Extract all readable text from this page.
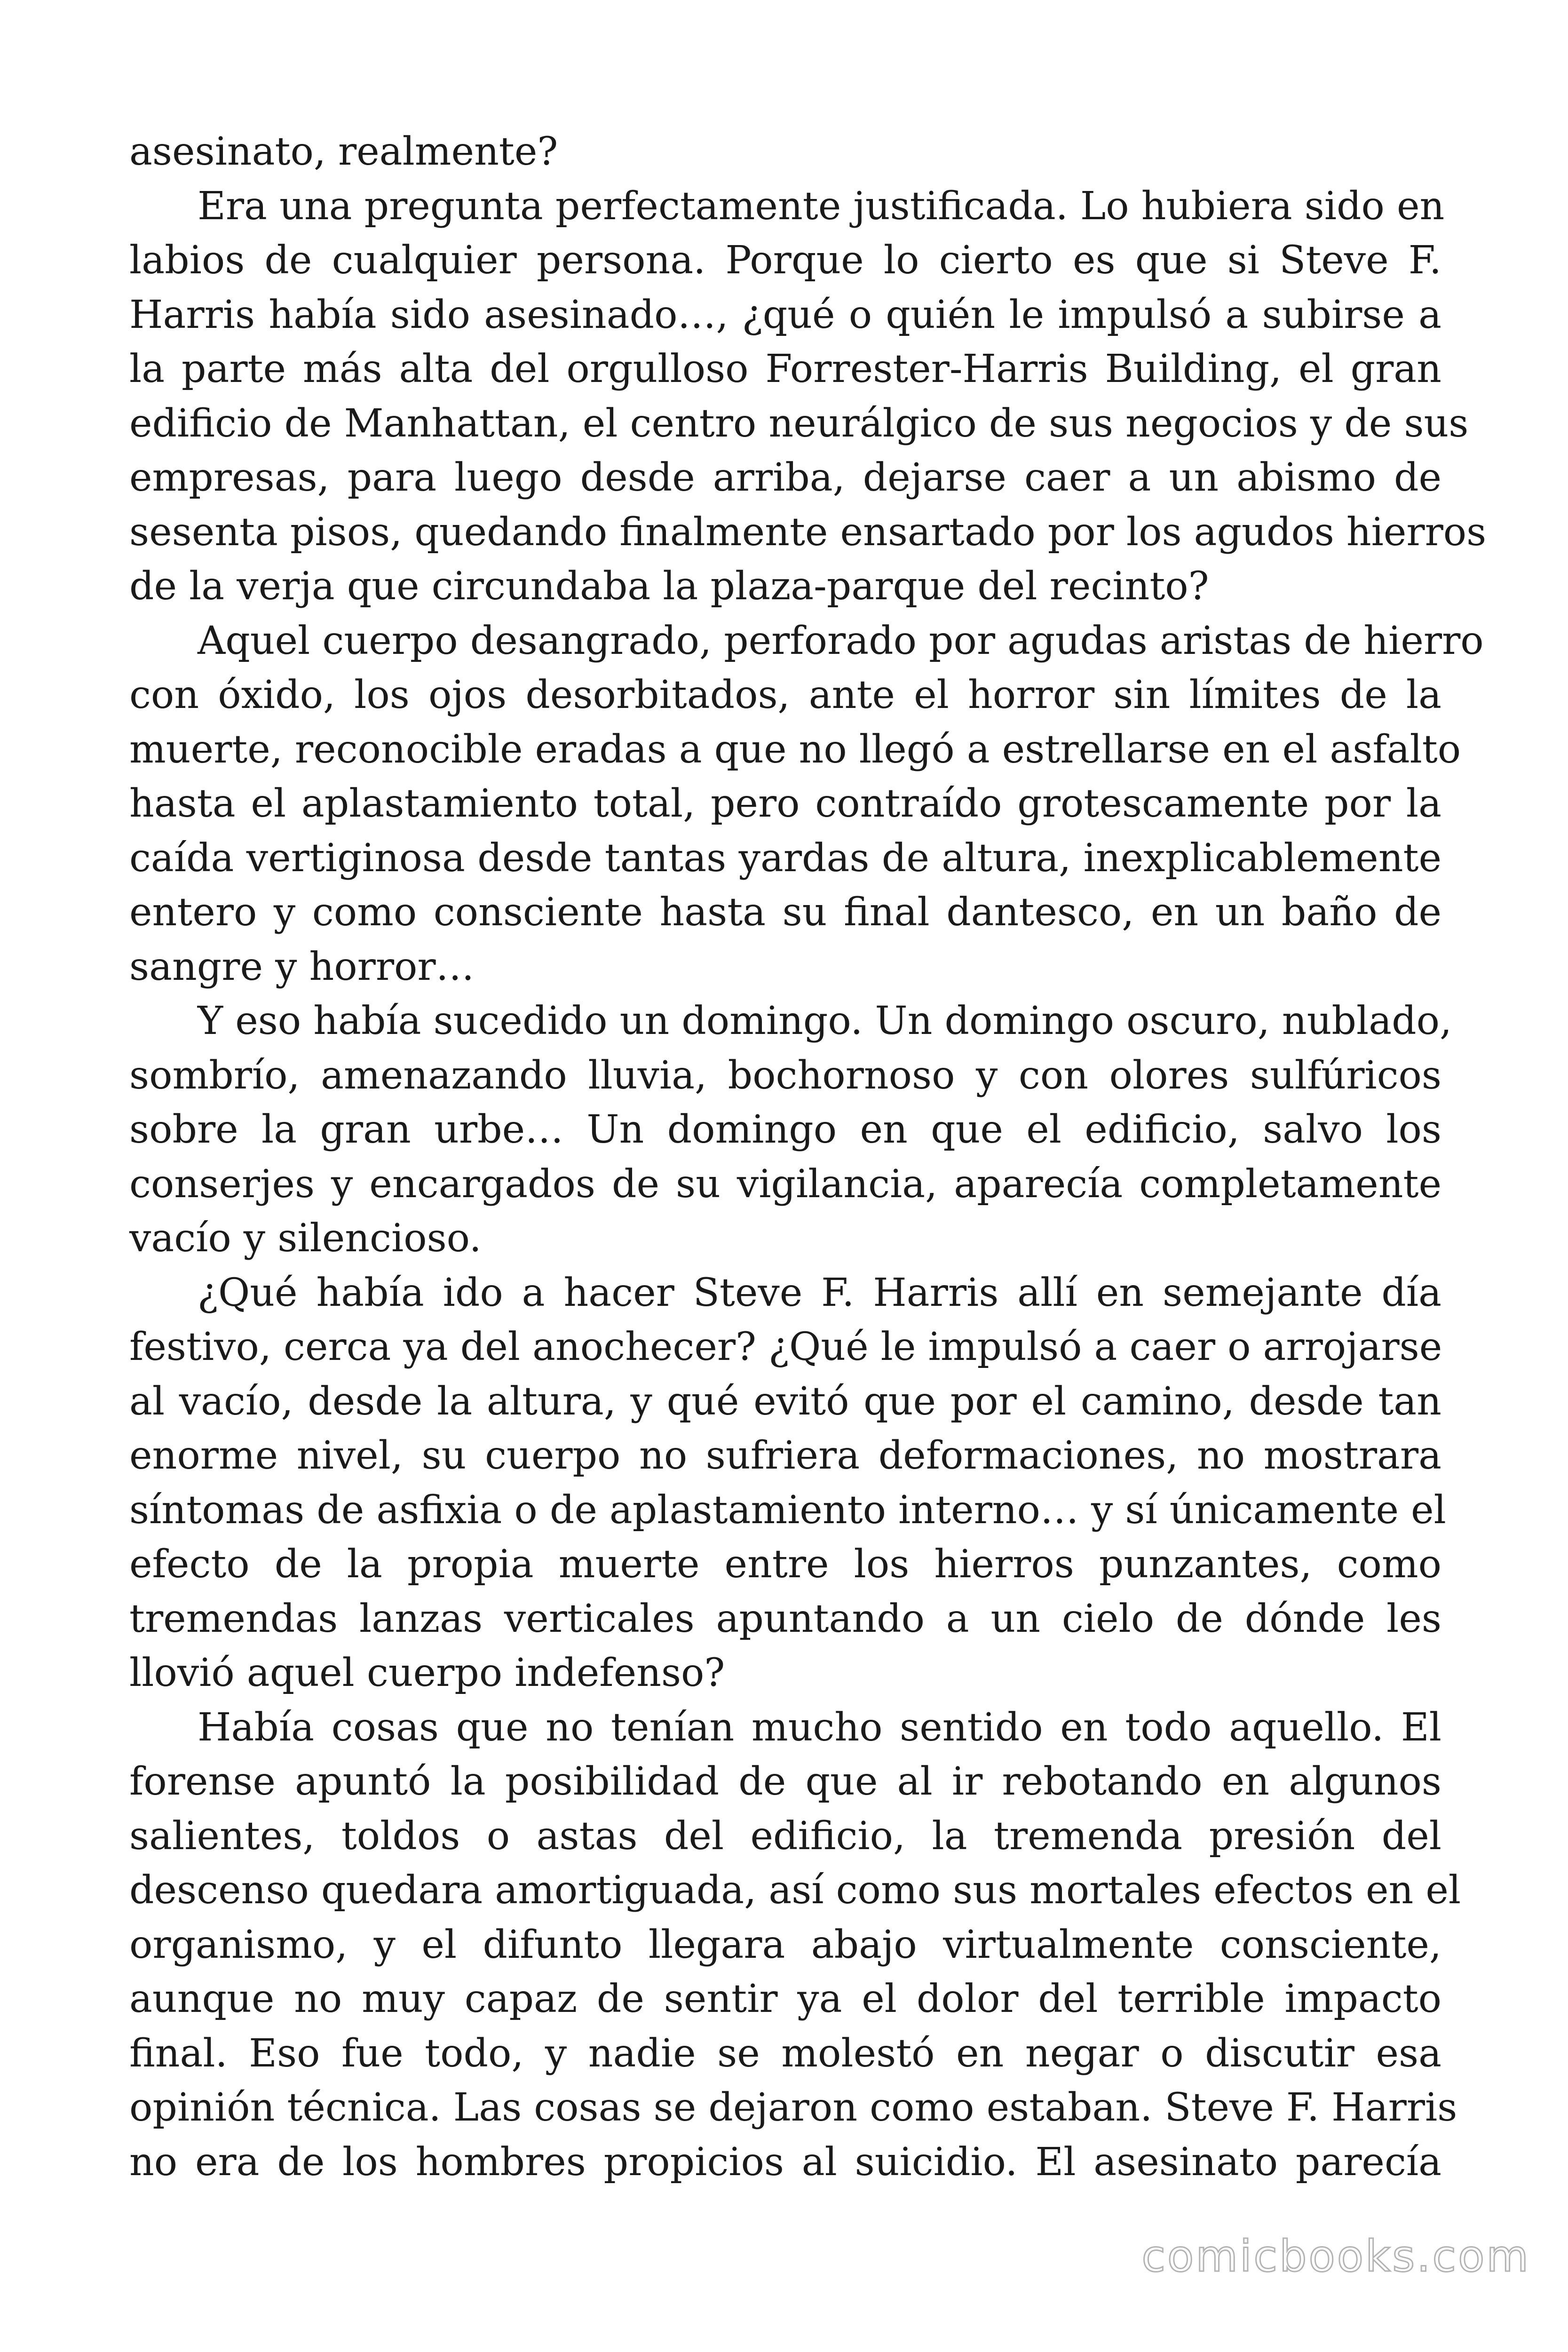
asesinato, realmente?
Era una pregunta perfectamente justificada. Lo hubiera sido en
labios de cualquier persona. Porque lo cierto es que si Steve F.
Harris había sido asesinado…, ¿qué o quién le impulsó a subirse a
la parte más alta del orgulloso Forrester-Harris Building, el gran
edificio de Manhattan, el centro neurálgico de sus negocios y de sus
empresas, para luego desde arriba, dejarse caer a un abismo de
sesenta pisos, quedando finalmente ensartado por los agudos hierros
de la verja que circundaba la plaza-parque del recinto?
Aquel cuerpo desangrado, perforado por agudas aristas de hierro
con óxido, los ojos desorbitados, ante el horror sin límites de la
muerte, reconocible eradas a que no llegó a estrellarse en el asfalto
hasta el aplastamiento total, pero contraído grotescamente por la
caída vertiginosa desde tantas yardas de altura, inexplicablemente
entero y como consciente hasta su final dantesco, en un baño de
sangre y horror…
Y eso había sucedido un domingo. Un domingo oscuro, nublado,
sombrío, amenazando lluvia, bochornoso y con olores sulfúricos
sobre la gran urbe… Un domingo en que el edificio, salvo los
conserjes y encargados de su vigilancia, aparecía completamente
vacío y silencioso.
¿Qué había ido a hacer Steve F. Harris allí en semejante día
festivo, cerca ya del anochecer? ¿Qué le impulsó a caer o arrojarse
al vacío, desde la altura, y qué evitó que por el camino, desde tan
enorme nivel, su cuerpo no sufriera deformaciones, no mostrara
síntomas de asfixia o de aplastamiento interno… y sí únicamente el
efecto de la propia muerte entre los hierros punzantes, como
tremendas lanzas verticales apuntando a un cielo de dónde les
llovió aquel cuerpo indefenso?
Había cosas que no tenían mucho sentido en todo aquello. El
forense apuntó la posibilidad de que al ir rebotando en algunos
salientes, toldos o astas del edificio, la tremenda presión del
descenso quedara amortiguada, así como sus mortales efectos en el
organismo, y el difunto llegara abajo virtualmente consciente,
aunque no muy capaz de sentir ya el dolor del terrible impacto
final. Eso fue todo, y nadie se molestó en negar o discutir esa
opinión técnica. Las cosas se dejaron como estaban. Steve F. Harris
no era de los hombres propicios al suicidio. El asesinato parecía
comicbooks.com
